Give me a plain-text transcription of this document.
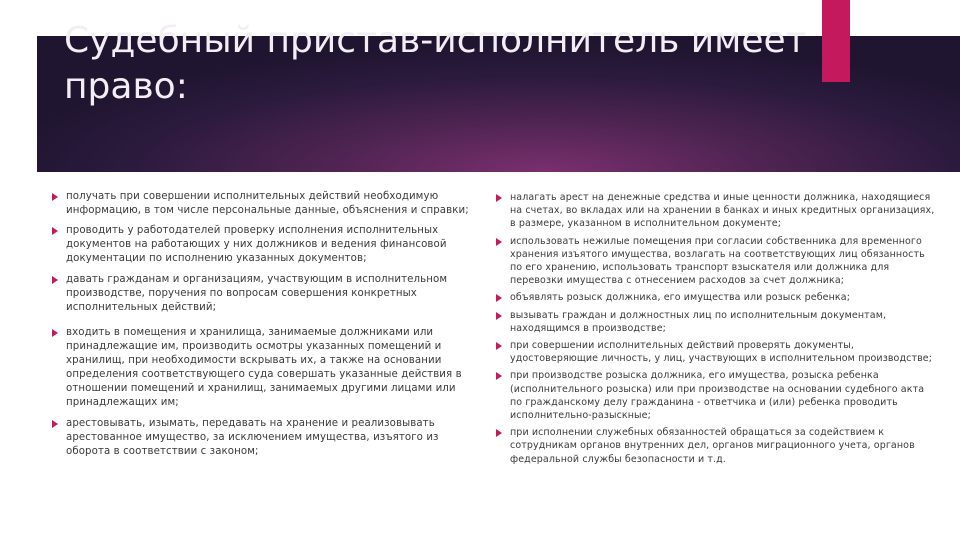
Судебный пристав-исполнитель имеет право:
получать при совершении исполнительных действий необходимую информацию, в том числе персональные данные, объяснения и справки;
проводить у работодателей проверку исполнения исполнительных документов на работающих у них должников и ведения финансовой документации по исполнению указанных документов;
давать гражданам и организациям, участвующим в исполнительном производстве, поручения по вопросам совершения конкретных исполнительных действий;
входить в помещения и хранилища, занимаемые должниками или принадлежащие им, производить осмотры указанных помещений и хранилищ, при необходимости вскрывать их, а также на основании определения соответствующего суда совершать указанные действия в отношении помещений и хранилищ, занимаемых другими лицами или принадлежащих им;
арестовывать, изымать, передавать на хранение и реализовывать арестованное имущество, за исключением имущества, изъятого из оборота в соответствии с законом;
налагать арест на денежные средства и иные ценности должника, находящиеся на счетах, во вкладах или на хранении в банках и иных кредитных организациях, в размере, указанном в исполнительном документе;
использовать нежилые помещения при согласии собственника для временного хранения изъятого имущества, возлагать на соответствующих лиц обязанность по его хранению, использовать транспорт взыскателя или должника для перевозки имущества с отнесением расходов за счет должника;
объявлять розыск должника, его имущества или розыск ребенка;
вызывать граждан и должностных лиц по исполнительным документам, находящимся в производстве;
при совершении исполнительных действий проверять документы, удостоверяющие личность, у лиц, участвующих в исполнительном производстве;
при производстве розыска должника, его имущества, розыска ребенка (исполнительного розыска) или при производстве на основании судебного акта по гражданскому делу гражданина - ответчика и (или) ребенка проводить исполнительно-разыскные;
при исполнении служебных обязанностей обращаться за содействием к сотрудникам органов внутренних дел, органов миграционного учета, органов федеральной службы безопасности и т.д.
